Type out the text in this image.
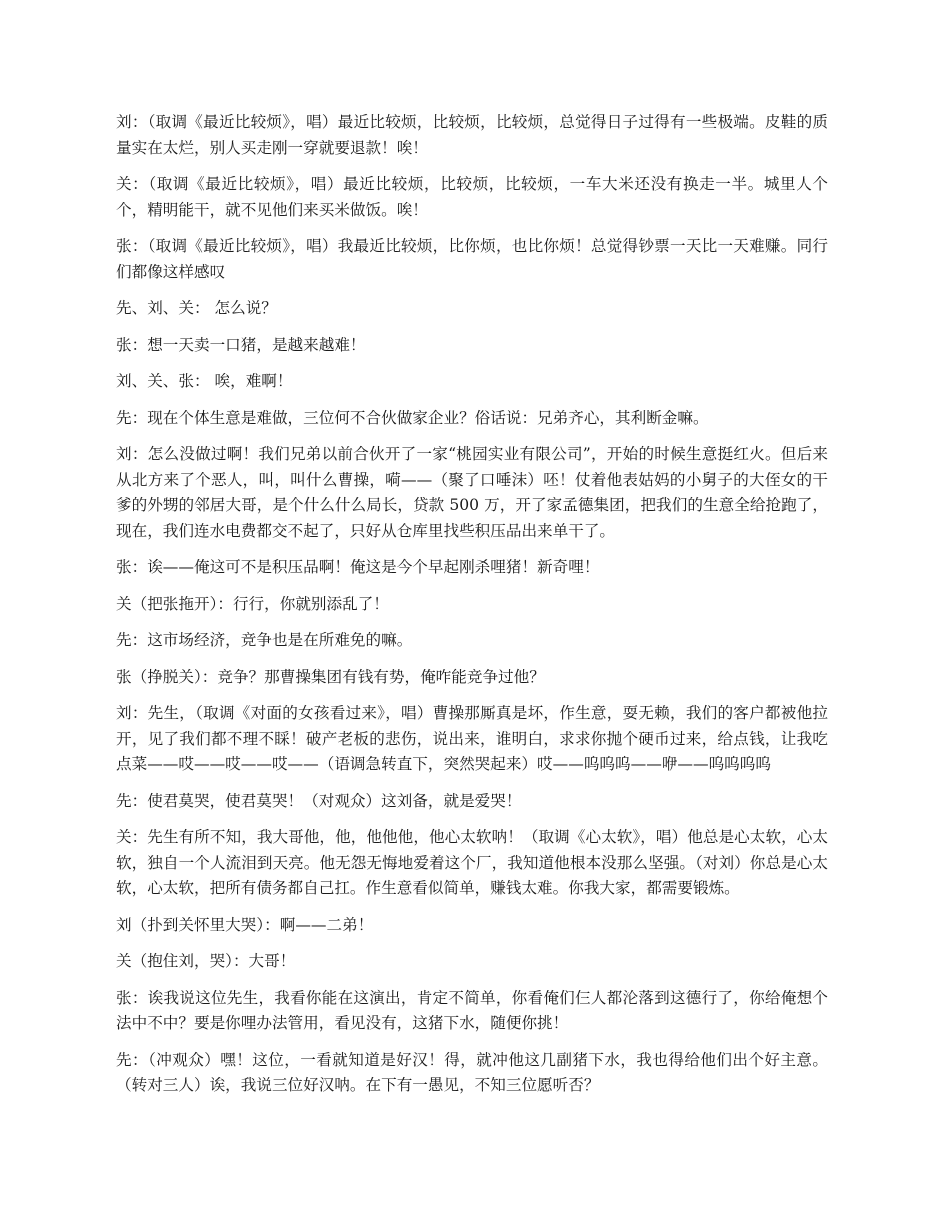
刘：（取调《最近比较烦》，唱）最近比较烦，比较烦，比较烦，总觉得日子过得有一些极端。皮鞋的质量实在太烂，别人买走刚一穿就要退款！唉！

关：（取调《最近比较烦》，唱）最近比较烦，比较烦，比较烦，一车大米还没有换走一半。城里人个个，精明能干，就不见他们来买米做饭。唉！

张：（取调《最近比较烦》，唱）我最近比较烦，比你烦，也比你烦！总觉得钞票一天比一天难赚。同行们都像这样感叹

先、刘、关： 怎么说？

张：想一天卖一口猪，是越来越难！

刘、关、张： 唉，难啊！

先：现在个体生意是难做，三位何不合伙做家企业？俗话说：兄弟齐心，其利断金嘛。

刘：怎么没做过啊！我们兄弟以前合伙开了一家“桃园实业有限公司”，开始的时候生意挺红火。但后来从北方来了个恶人，叫，叫什么曹操，嗬——（聚了口唾沫）呸！仗着他表姑妈的小舅子的大侄女的干爹的外甥的邻居大哥，是个什么什么局长，贷款 500 万，开了家孟德集团，把我们的生意全给抢跑了，现在，我们连水电费都交不起了，只好从仓库里找些积压品出来单干了。

张：诶——俺这可不是积压品啊！俺这是今个早起刚杀哩猪！新奇哩！

关（把张拖开）：行行，你就别添乱了！

先：这市场经济，竞争也是在所难免的嘛。

张（挣脱关）：竞争？那曹操集团有钱有势，俺咋能竞争过他？

刘：先生，（取调《对面的女孩看过来》，唱）曹操那厮真是坏，作生意，耍无赖，我们的客户都被他拉开，见了我们都不理不睬！破产老板的悲伤，说出来，谁明白，求求你抛个硬币过来，给点钱，让我吃点菜——哎——哎——哎——（语调急转直下，突然哭起来）哎——呜呜呜——咿——呜呜呜呜

先：使君莫哭，使君莫哭！（对观众）这刘备，就是爱哭！

关：先生有所不知，我大哥他，他，他他他，他心太软呐！（取调《心太软》，唱）他总是心太软，心太软，独自一个人流泪到天亮。他无怨无悔地爱着这个厂，我知道他根本没那么坚强。（对刘）你总是心太软，心太软，把所有债务都自己扛。作生意看似简单，赚钱太难。你我大家，都需要锻炼。

刘（扑到关怀里大哭）：啊——二弟！

关（抱住刘，哭）：大哥！

张：诶我说这位先生，我看你能在这演出，肯定不简单，你看俺们仨人都沦落到这德行了，你给俺想个法中不中？要是你哩办法管用，看见没有，这猪下水，随便你挑！

先：（冲观众）嘿！这位，一看就知道是好汉！得，就冲他这几副猪下水，我也得给他们出个好主意。（转对三人）诶，我说三位好汉呐。在下有一愚见，不知三位愿听否？
